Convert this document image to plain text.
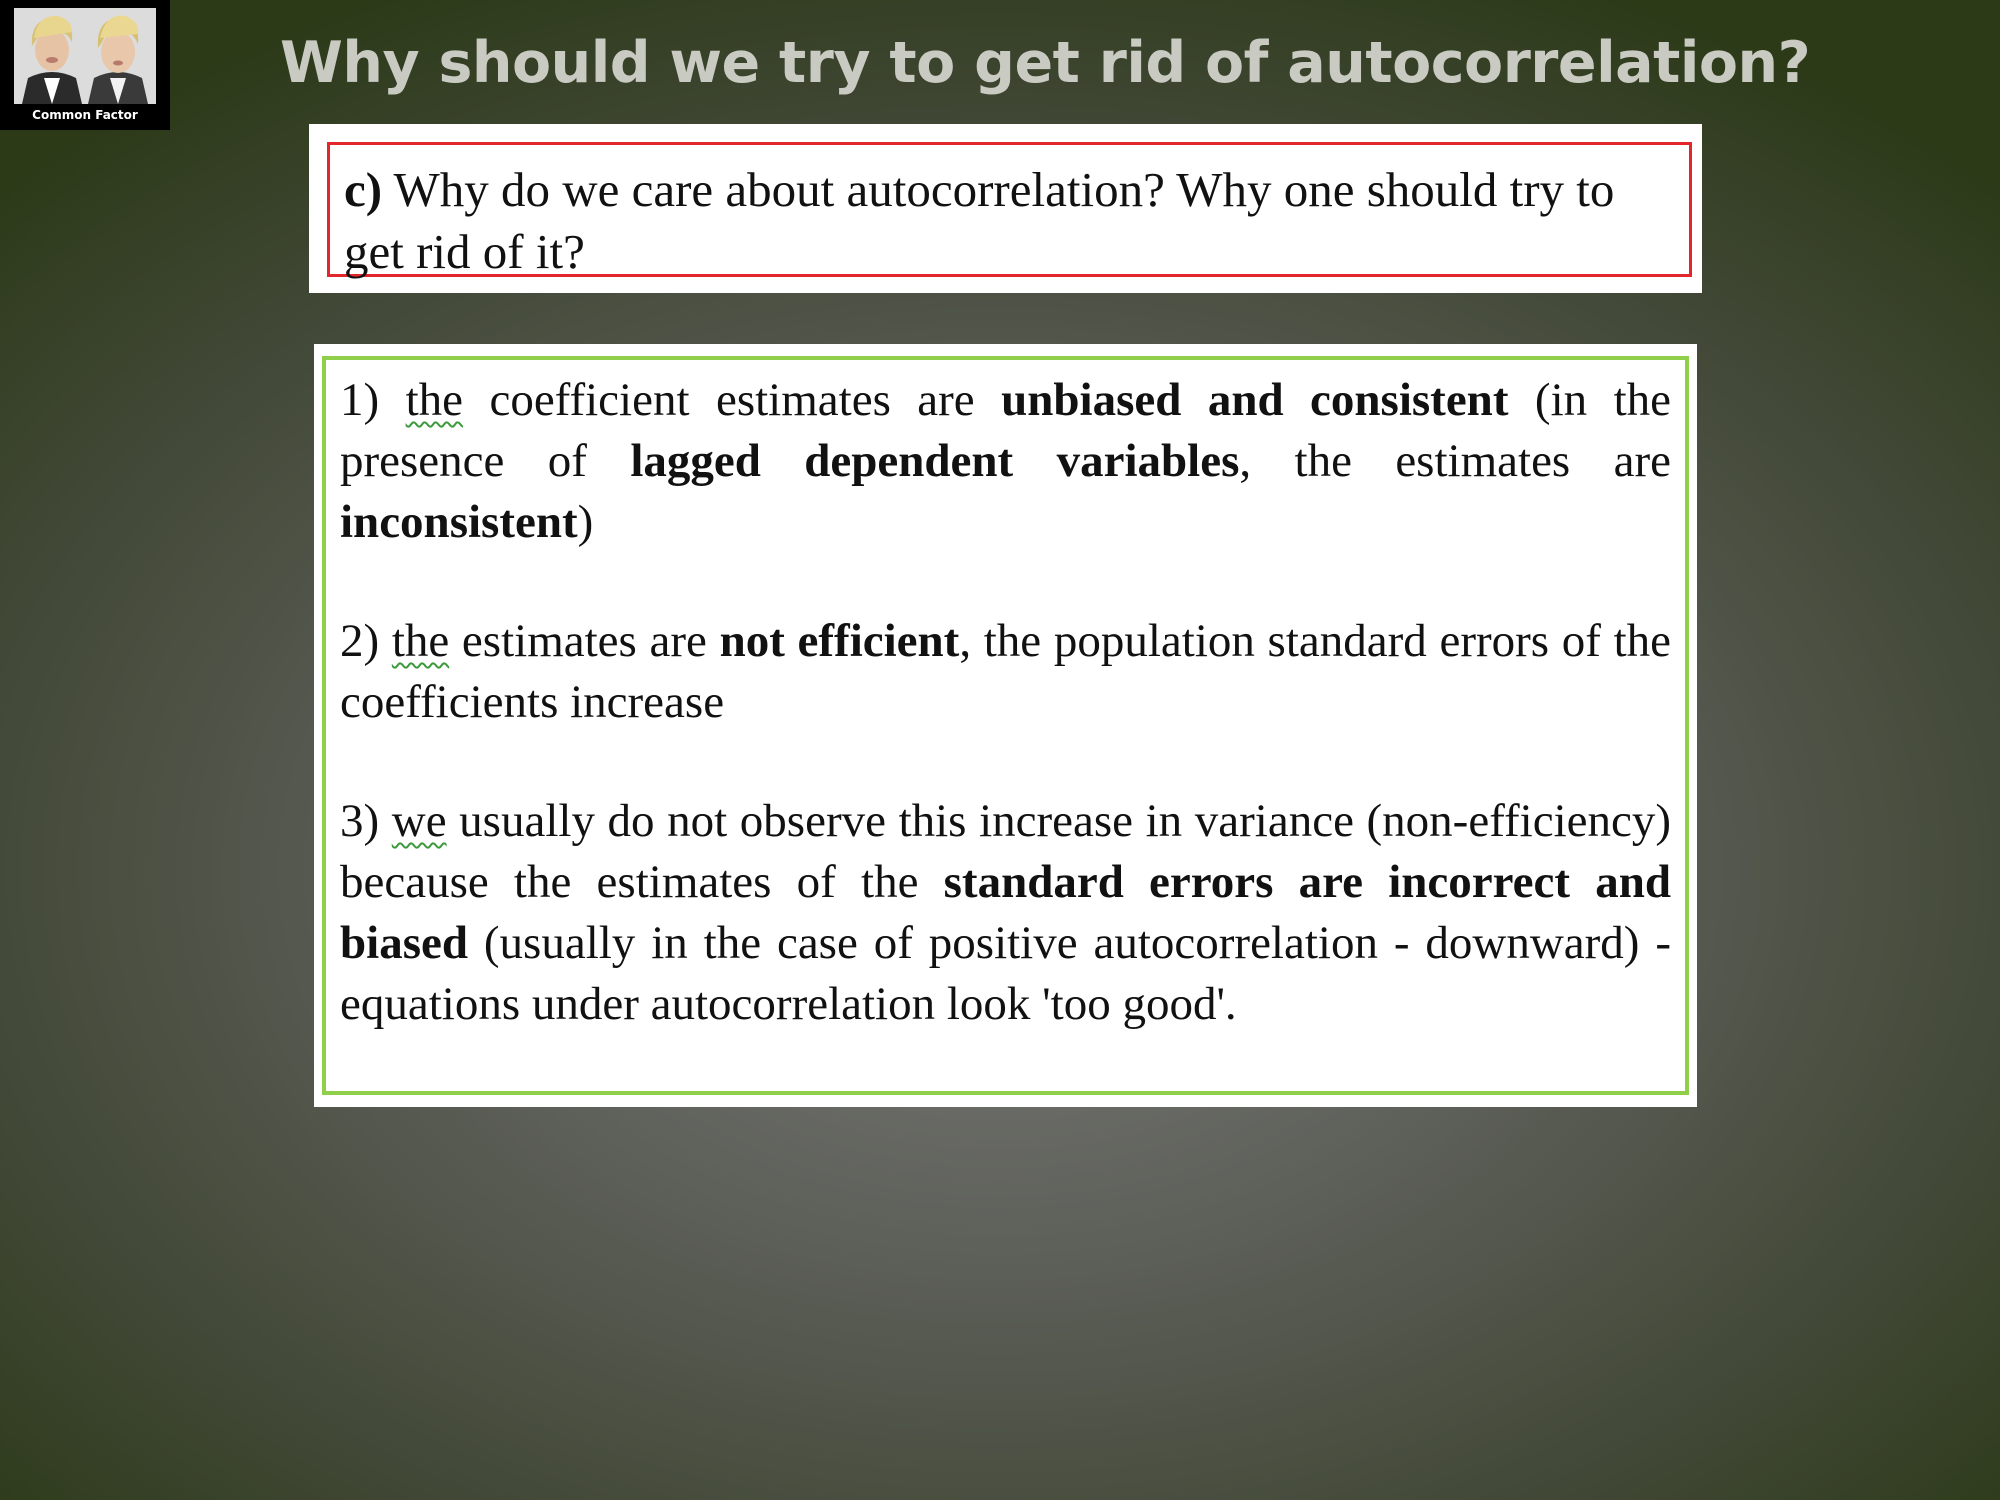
Common Factor
Why should we try to get rid of autocorrelation?
c) Why do we care about autocorrelation? Why one should try to get rid of it?

1) the coefficient estimates are unbiased and consistent (in the presence of lagged dependent variables, the estimates are inconsistent)

2) the estimates are not efficient, the population standard errors of the coefficients increase

3) we usually do not observe this increase in variance (non-efficiency) because the estimates of the standard errors are incorrect and biased (usually in the case of positive autocorrelation - downward) - equations under autocorrelation look 'too good'.
